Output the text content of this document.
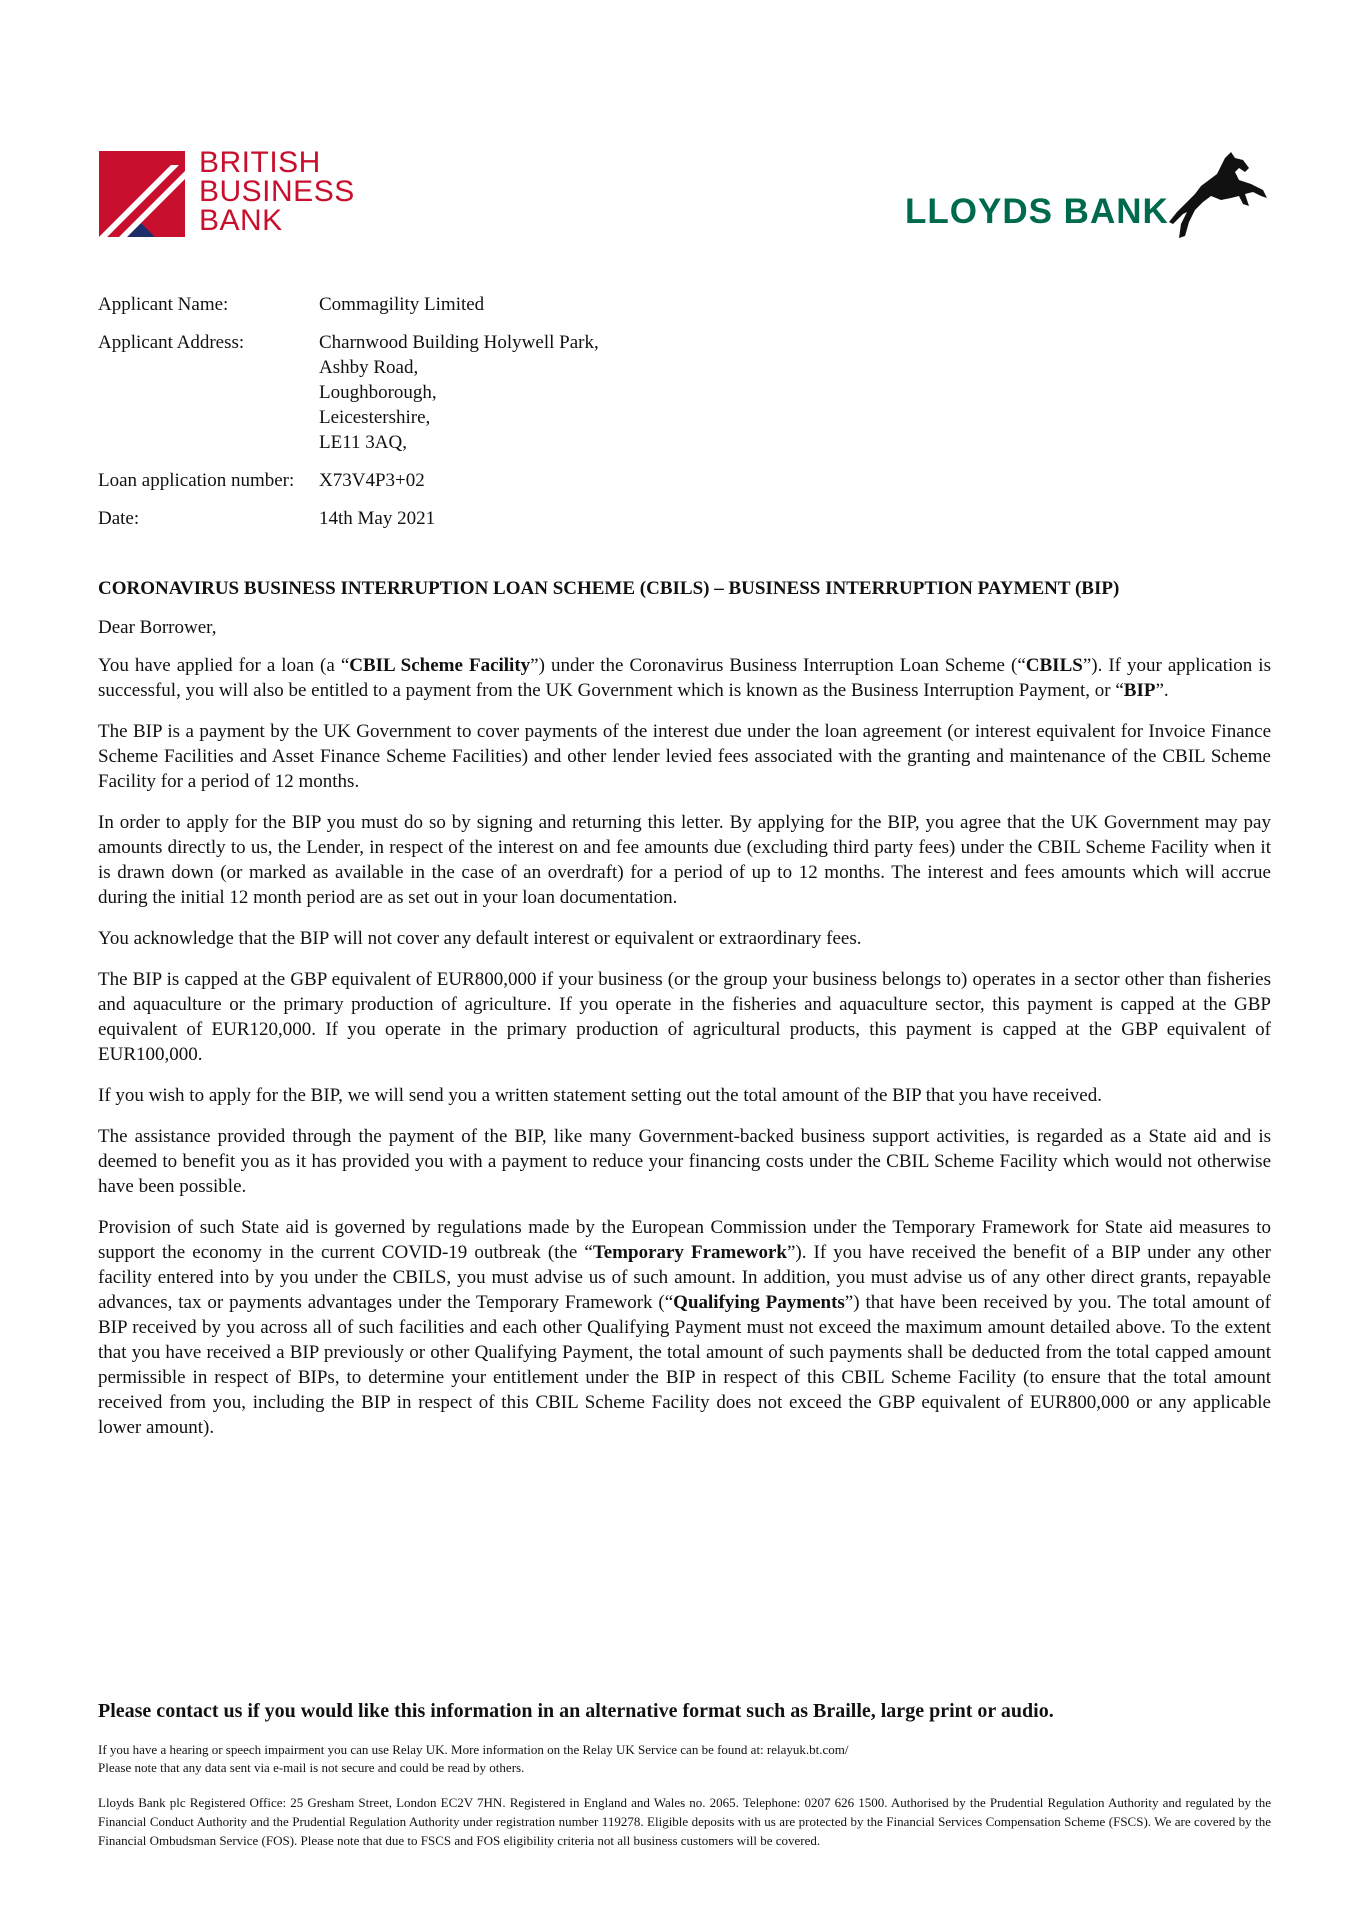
BRITISH
BUSINESS
BANK	LLOYDS BANK
Applicant Name:	Commagility Limited
Applicant Address:	Charnwood Building Holywell Park,
Ashby Road,
Loughborough,
Leicestershire,
LE11 3AQ,
Loan application number:	X73V4P3+02
Date:	14th May 2021
CORONAVIRUS BUSINESS INTERRUPTION LOAN SCHEME (CBILS) – BUSINESS INTERRUPTION PAYMENT (BIP)
Dear Borrower,

You have applied for a loan (a “CBIL Scheme Facility”) under the Coronavirus Business Interruption Loan Scheme (“CBILS”). If your application is successful, you will also be entitled to a payment from the UK Government which is known as the Business Interruption Payment, or “BIP”.

The BIP is a payment by the UK Government to cover payments of the interest due under the loan agreement (or interest equivalent for Invoice Finance Scheme Facilities and Asset Finance Scheme Facilities) and other lender levied fees associated with the granting and maintenance of the CBIL Scheme Facility for a period of 12 months.

In order to apply for the BIP you must do so by signing and returning this letter. By applying for the BIP, you agree that the UK Government may pay amounts directly to us, the Lender, in respect of the interest on and fee amounts due (excluding third party fees) under the CBIL Scheme Facility when it is drawn down (or marked as available in the case of an overdraft) for a period of up to 12 months. The interest and fees amounts which will accrue during the initial 12 month period are as set out in your loan documentation.

You acknowledge that the BIP will not cover any default interest or equivalent or extraordinary fees.

The BIP is capped at the GBP equivalent of EUR800,000 if your business (or the group your business belongs to) operates in a sector other than fisheries and aquaculture or the primary production of agriculture. If you operate in the fisheries and aquaculture sector, this payment is capped at the GBP equivalent of EUR120,000. If you operate in the primary production of agricultural products, this payment is capped at the GBP equivalent of EUR100,000.

If you wish to apply for the BIP, we will send you a written statement setting out the total amount of the BIP that you have received.

The assistance provided through the payment of the BIP, like many Government-backed business support activities, is regarded as a State aid and is deemed to benefit you as it has provided you with a payment to reduce your financing costs under the CBIL Scheme Facility which would not otherwise have been possible.

Provision of such State aid is governed by regulations made by the European Commission under the Temporary Framework for State aid measures to support the economy in the current COVID-19 outbreak (the “Temporary Framework”). If you have received the benefit of a BIP under any other facility entered into by you under the CBILS, you must advise us of such amount. In addition, you must advise us of any other direct grants, repayable advances, tax or payments advantages under the Temporary Framework (“Qualifying Payments”) that have been received by you. The total amount of BIP received by you across all of such facilities and each other Qualifying Payment must not exceed the maximum amount detailed above. To the extent that you have received a BIP previously or other Qualifying Payment, the total amount of such payments shall be deducted from the total capped amount permissible in respect of BIPs, to determine your entitlement under the BIP in respect of this CBIL Scheme Facility (to ensure that the total amount received from you, including the BIP in respect of this CBIL Scheme Facility does not exceed the GBP equivalent of EUR800,000 or any applicable lower amount).

Please contact us if you would like this information in an alternative format such as Braille, large print or audio.
If you have a hearing or speech impairment you can use Relay UK. More information on the Relay UK Service can be found at: relayuk.bt.com/
Please note that any data sent via e-mail is not secure and could be read by others.
Lloyds Bank plc Registered Office: 25 Gresham Street, London EC2V 7HN. Registered in England and Wales no. 2065. Telephone: 0207 626 1500. Authorised by the Prudential Regulation Authority and regulated by the Financial Conduct Authority and the Prudential Regulation Authority under registration number 119278. Eligible deposits with us are protected by the Financial Services Compensation Scheme (FSCS). We are covered by the Financial Ombudsman Service (FOS). Please note that due to FSCS and FOS eligibility criteria not all business customers will be covered.
